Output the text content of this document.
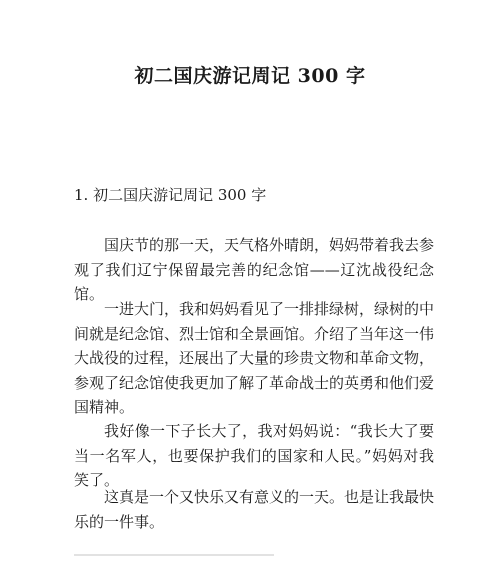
初二国庆游记周记 300 字
1. 初二国庆游记周记 300 字

国庆节的那一天，天气格外晴朗，妈妈带着我去参观了我们辽宁保留最完善的纪念馆——辽沈战役纪念馆。

一进大门，我和妈妈看见了一排排绿树，绿树的中间就是纪念馆、烈士馆和全景画馆。介绍了当年这一伟大战役的过程，还展出了大量的珍贵文物和革命文物，参观了纪念馆使我更加了解了革命战士的英勇和他们爱国精神。

我好像一下子长大了，我对妈妈说：“我长大了要当一名军人，也要保护我们的国家和人民。”妈妈对我笑了。

这真是一个又快乐又有意义的一天。也是让我最快乐的一件事。
